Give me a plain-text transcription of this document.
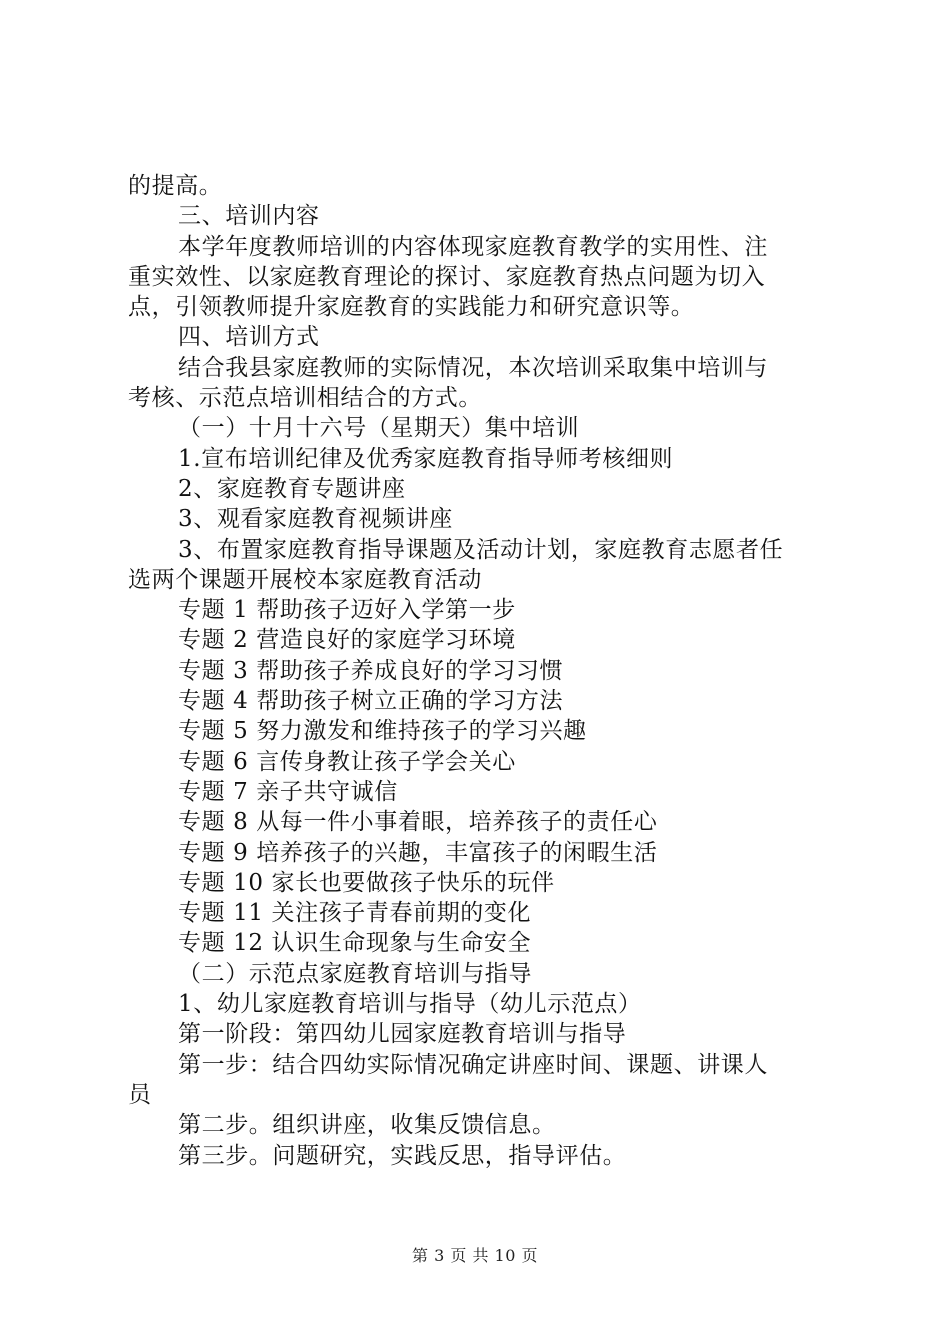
的提高。
三、培训内容
本学年度教师培训的内容体现家庭教育教学的实用性、注
重实效性、以家庭教育理论的探讨、家庭教育热点问题为切入
点，引领教师提升家庭教育的实践能力和研究意识等。
四、培训方式
结合我县家庭教师的实际情况，本次培训采取集中培训与
考核、示范点培训相结合的方式。
（一）十月十六号（星期天）集中培训
1.宣布培训纪律及优秀家庭教育指导师考核细则
2、家庭教育专题讲座
3、观看家庭教育视频讲座
3、布置家庭教育指导课题及活动计划，家庭教育志愿者任
选两个课题开展校本家庭教育活动
专题 1 帮助孩子迈好入学第一步
专题 2 营造良好的家庭学习环境
专题 3 帮助孩子养成良好的学习习惯
专题 4 帮助孩子树立正确的学习方法
专题 5 努力激发和维持孩子的学习兴趣
专题 6 言传身教让孩子学会关心
专题 7 亲子共守诚信
专题 8 从每一件小事着眼，培养孩子的责任心
专题 9 培养孩子的兴趣，丰富孩子的闲暇生活
专题 10 家长也要做孩子快乐的玩伴
专题 11 关注孩子青春前期的变化
专题 12 认识生命现象与生命安全
（二）示范点家庭教育培训与指导
1、幼儿家庭教育培训与指导（幼儿示范点）
第一阶段：第四幼儿园家庭教育培训与指导
第一步：结合四幼实际情况确定讲座时间、课题、讲课人
员
第二步。组织讲座，收集反馈信息。
第三步。问题研究，实践反思，指导评估。
第 3 页 共 10 页
